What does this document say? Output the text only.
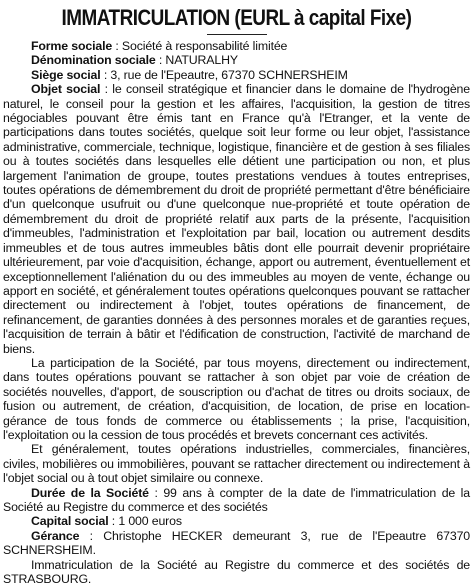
IMMATRICULATION (EURL à capital Fixe)

Forme sociale : Société à responsabilité limitée

Dénomination sociale : NATURALHY

Siège social : 3, rue de l'Epeautre, 67370 SCHNERSHEIM

Objet social : le conseil stratégique et financier dans le domaine de l'hydrogène naturel, le conseil pour la gestion et les affaires, l'acquisition, la gestion de titres négociables pouvant être émis tant en France qu'à l'Etranger, et la vente de participations dans toutes sociétés, quelque soit leur forme ou leur objet, l'assistance administrative, commerciale, technique, logistique, financière et de gestion à ses filiales ou à toutes sociétés dans lesquelles elle détient une participation ou non, et plus largement l'animation de groupe, toutes prestations vendues à toutes entreprises, toutes opérations de démembrement du droit de propriété permettant d'être bénéficiaire d'un quelconque usufruit ou d'une quelconque nue-propriété et toute opération de démembrement du droit de propriété relatif aux parts de la présente, l'acquisition d'immeubles, l'administration et l'exploitation par bail, location ou autrement desdits immeubles et de tous autres immeubles bâtis dont elle pourrait devenir propriétaire ultérieurement, par voie d'acquisition, échange, apport ou autrement, éventuellement et exceptionnellement l'aliénation du ou des immeubles au moyen de vente, échange ou apport en société, et généralement toutes opérations quelconques pouvant se rattacher directement ou indirectement à l'objet, toutes opérations de financement, de refinancement, de garanties données à des personnes morales et de garanties reçues, l'acquisition de terrain à bâtir et l'édification de construction, l'activité de marchand de biens.

La participation de la Société, par tous moyens, directement ou indirectement, dans toutes opérations pouvant se rattacher à son objet par voie de création de sociétés nouvelles, d'apport, de souscription ou d'achat de titres ou droits sociaux, de fusion ou autrement, de création, d'acquisition, de location, de prise en location-gérance de tous fonds de commerce ou établissements ; la prise, l'acquisition, l'exploitation ou la cession de tous procédés et brevets concernant ces activités.

Et généralement, toutes opérations industrielles, commerciales, financières, civiles, mobilières ou immobilières, pouvant se rattacher directement ou indirectement à l'objet social ou à tout objet similaire ou connexe.

Durée de la Société : 99 ans à compter de la date de l'immatriculation de la Société au Registre du commerce et des sociétés

Capital social : 1 000 euros

Gérance : Christophe HECKER demeurant 3, rue de l'Epeautre 67370 SCHNERSHEIM.

Immatriculation de la Société au Registre du commerce et des sociétés de STRASBOURG.
